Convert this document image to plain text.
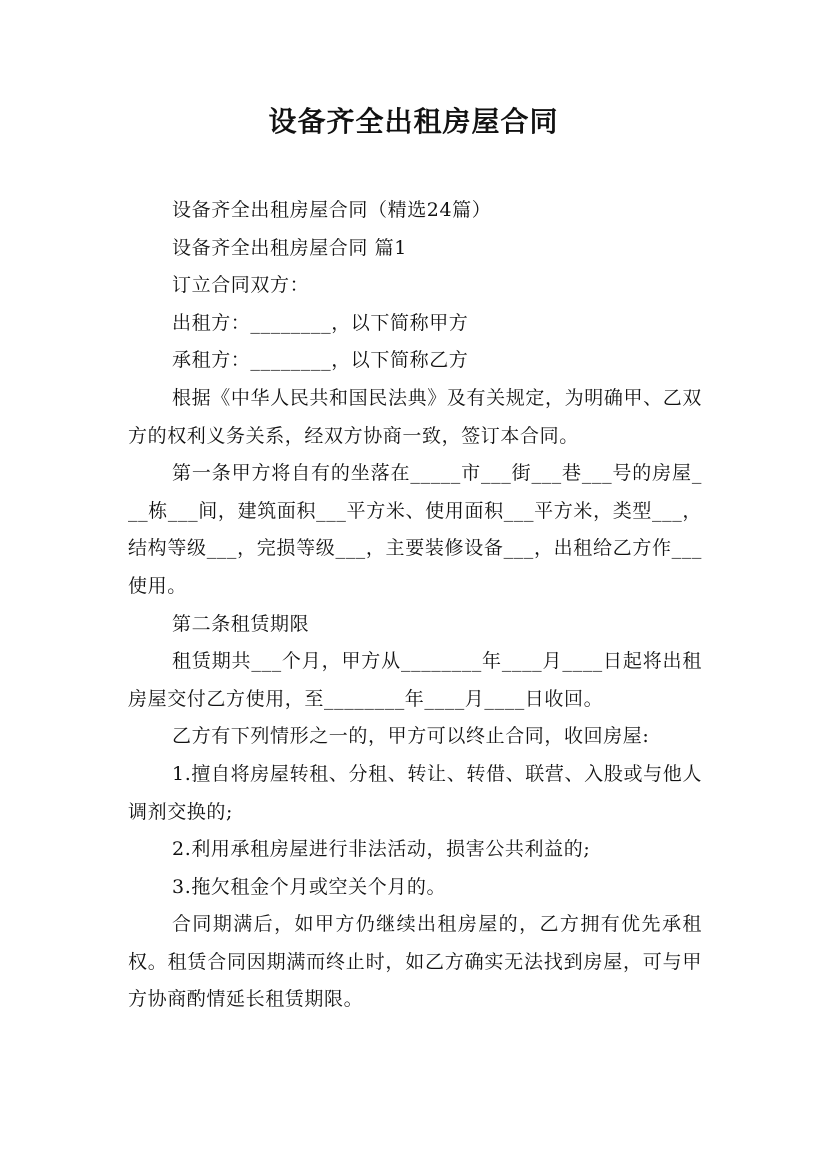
设备齐全出租房屋合同

设备齐全出租房屋合同（精选24篇）

设备齐全出租房屋合同 篇1

订立合同双方：

出租方：________，以下简称甲方

承租方：________，以下简称乙方

根据《中华人民共和国民法典》及有关规定，为明确甲、乙双方的权利义务关系，经双方协商一致，签订本合同。

第一条甲方将自有的坐落在_____市___街___巷___号的房屋___栋___间，建筑面积___平方米、使用面积___平方米，类型___，结构等级___，完损等级___，主要装修设备___，出租给乙方作___使用。

第二条租赁期限

租赁期共___个月，甲方从________年____月____日起将出租房屋交付乙方使用，至________年____月____日收回。

乙方有下列情形之一的，甲方可以终止合同，收回房屋:

1.擅自将房屋转租、分租、转让、转借、联营、入股或与他人调剂交换的;

2.利用承租房屋进行非法活动，损害公共利益的;

3.拖欠租金个月或空关个月的。

合同期满后，如甲方仍继续出租房屋的，乙方拥有优先承租权。租赁合同因期满而终止时，如乙方确实无法找到房屋，可与甲方协商酌情延长租赁期限。
